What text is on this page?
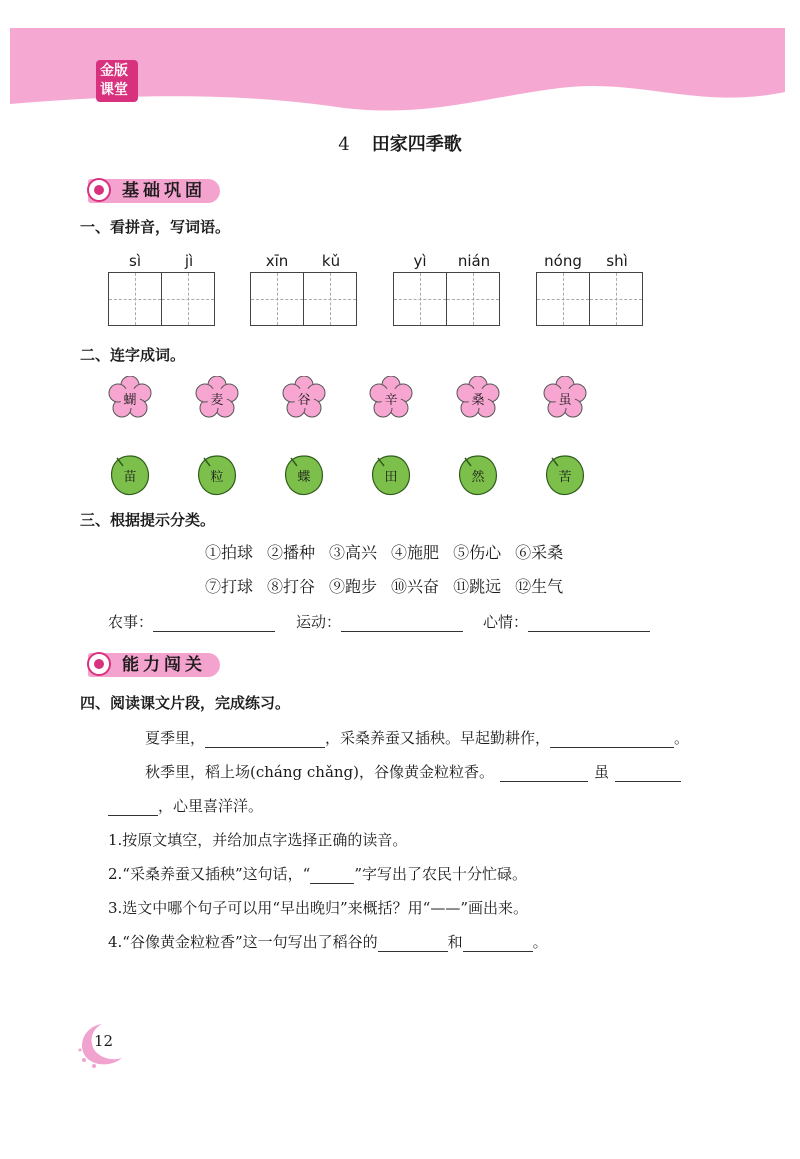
金版
课堂
4 田家四季歌
基础巩固
一、看拼音，写词语。
sì	jì	xīn	kǔ	yì	nián	nóng	shì
二、连字成词。
蝴	麦	谷	辛	桑	虽
苗	粒	蝶	田	然	苦
三、根据提示分类。
①拍球 ②播种 ③高兴 ④施肥 ⑤伤心 ⑥采桑
⑦打球 ⑧打谷 ⑨跑步 ⑩兴奋 ⑪跳远 ⑫生气
农事：	运动：	心情：
能力闯关
四、阅读课文片段，完成练习。
夏季里，	，采桑养蚕又插秧。早起勤耕作，	。
秋季里，稻上场(cháng chǎng)，谷像黄金粒粒香。	虽
，心里喜洋洋。
1.按原文填空，并给加点字选择正确的读音。
2.“采桑养蚕又插秧”这句话，“	”字写出了农民十分忙碌。
3.选文中哪个句子可以用“早出晚归”来概括？用“——”画出来。
4.“谷像黄金粒粒香”这一句写出了稻谷的	和	。
12
